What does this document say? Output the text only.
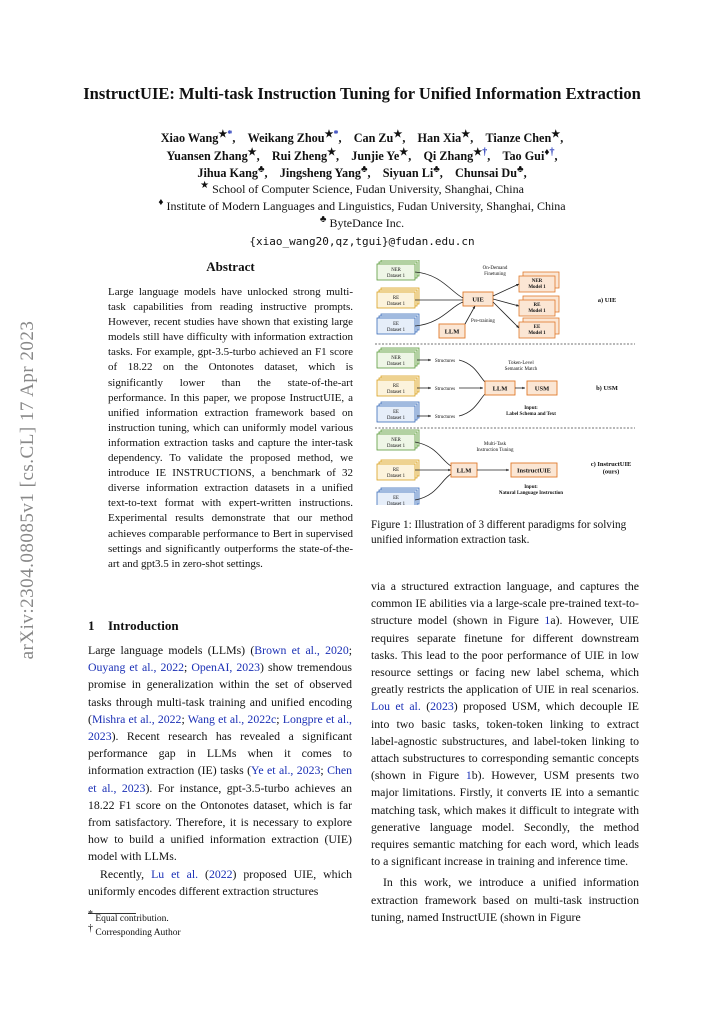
InstructUIE: Multi-task Instruction Tuning for Unified Information Extraction
Xiao Wang★*, Weikang Zhou★*, Can Zu★, Han Xia★, Tianze Chen★,
Yuansen Zhang★, Rui Zheng★, Junjie Ye★, Qi Zhang★†, Tao Gui♦†,
Jihua Kang♣, Jingsheng Yang♣, Siyuan Li♣, Chunsai Du♣,
★ School of Computer Science, Fudan University, Shanghai, China
♦ Institute of Modern Languages and Linguistics, Fudan University, Shanghai, China
♣ ByteDance Inc.
{xiao_wang20,qz,tgui}@fudan.edu.cn
arXiv:2304.08085v1 [cs.CL] 17 Apr 2023
Abstract
Large language models have unlocked strong multi-task capabilities from reading instructive prompts. However, recent studies have shown that existing large models still have difficulty with information extraction tasks. For example, gpt-3.5-turbo achieved an F1 score of 18.22 on the Ontonotes dataset, which is significantly lower than the state-of-the-art performance. In this paper, we propose InstructUIE, a unified information extraction framework based on instruction tuning, which can uniformly model various information extraction tasks and capture the inter-task dependency. To validate the proposed method, we introduce IE INSTRUCTIONS, a benchmark of 32 diverse information extraction datasets in a unified text-to-text format with expert-written instructions. Experimental results demonstrate that our method achieves comparable performance to Bert in supervised settings and significantly outperforms the state-of-the-art and gpt3.5 in zero-shot settings.
1 Introduction

Large language models (LLMs) (Brown et al., 2020; Ouyang et al., 2022; OpenAI, 2023) show tremendous promise in generalization within the set of observed tasks through multi-task training and unified encoding (Mishra et al., 2022; Wang et al., 2022c; Longpre et al., 2023). Recent research has revealed a significant performance gap in LLMs when it comes to information extraction (IE) tasks (Ye et al., 2023; Chen et al., 2023). For instance, gpt-3.5-turbo achieves an 18.22 F1 score on the Ontonotes dataset, which is far from satisfactory. Therefore, it is necessary to explore how to build a unified information extraction (UIE) model with LLMs.

Recently, Lu et al. (2022) proposed UIE, which uniformly encodes different extraction structures

* Equal contribution.
† Corresponding Author
NER Dataset 1
RE Dataset 1
EE Dataset 1
UIE
LLM
On-Demand Finetuning
Pre-training
NER Model 1
RE Model 1
EE Model 1
a) UIE
NER Dataset 1
RE Dataset 1
EE Dataset 1
Structures
Structures
Structures
LLM	USM
Token-Level Semantic Match
Input: Label Schema and Text
b) USM
NER Dataset 1
RE Dataset 1
EE Dataset 1
LLM	InstructUIE
Multi-Task Instruction Tuning
Input: Natural Language Instruction
c) InstructUIE (ours)
Figure 1: Illustration of 3 different paradigms for solving unified information extraction task.

via a structured extraction language, and captures the common IE abilities via a large-scale pre-trained text-to-structure model (shown in Figure 1a). However, UIE requires separate finetune for different downstream tasks. This lead to the poor performance of UIE in low resource settings or facing new label schema, which greatly restricts the application of UIE in real scenarios. Lou et al. (2023) proposed USM, which decouple IE into two basic tasks, token-token linking to extract label-agnostic substructures, and label-token linking to attach substructures to corresponding semantic concepts (shown in Figure 1b). However, USM presents two major limitations. Firstly, it converts IE into a semantic matching task, which makes it difficult to integrate with generative language model. Secondly, the method requires semantic matching for each word, which leads to a significant increase in training and inference time.

In this work, we introduce a unified information extraction framework based on multi-task instruction tuning, named InstructUIE (shown in Figure
